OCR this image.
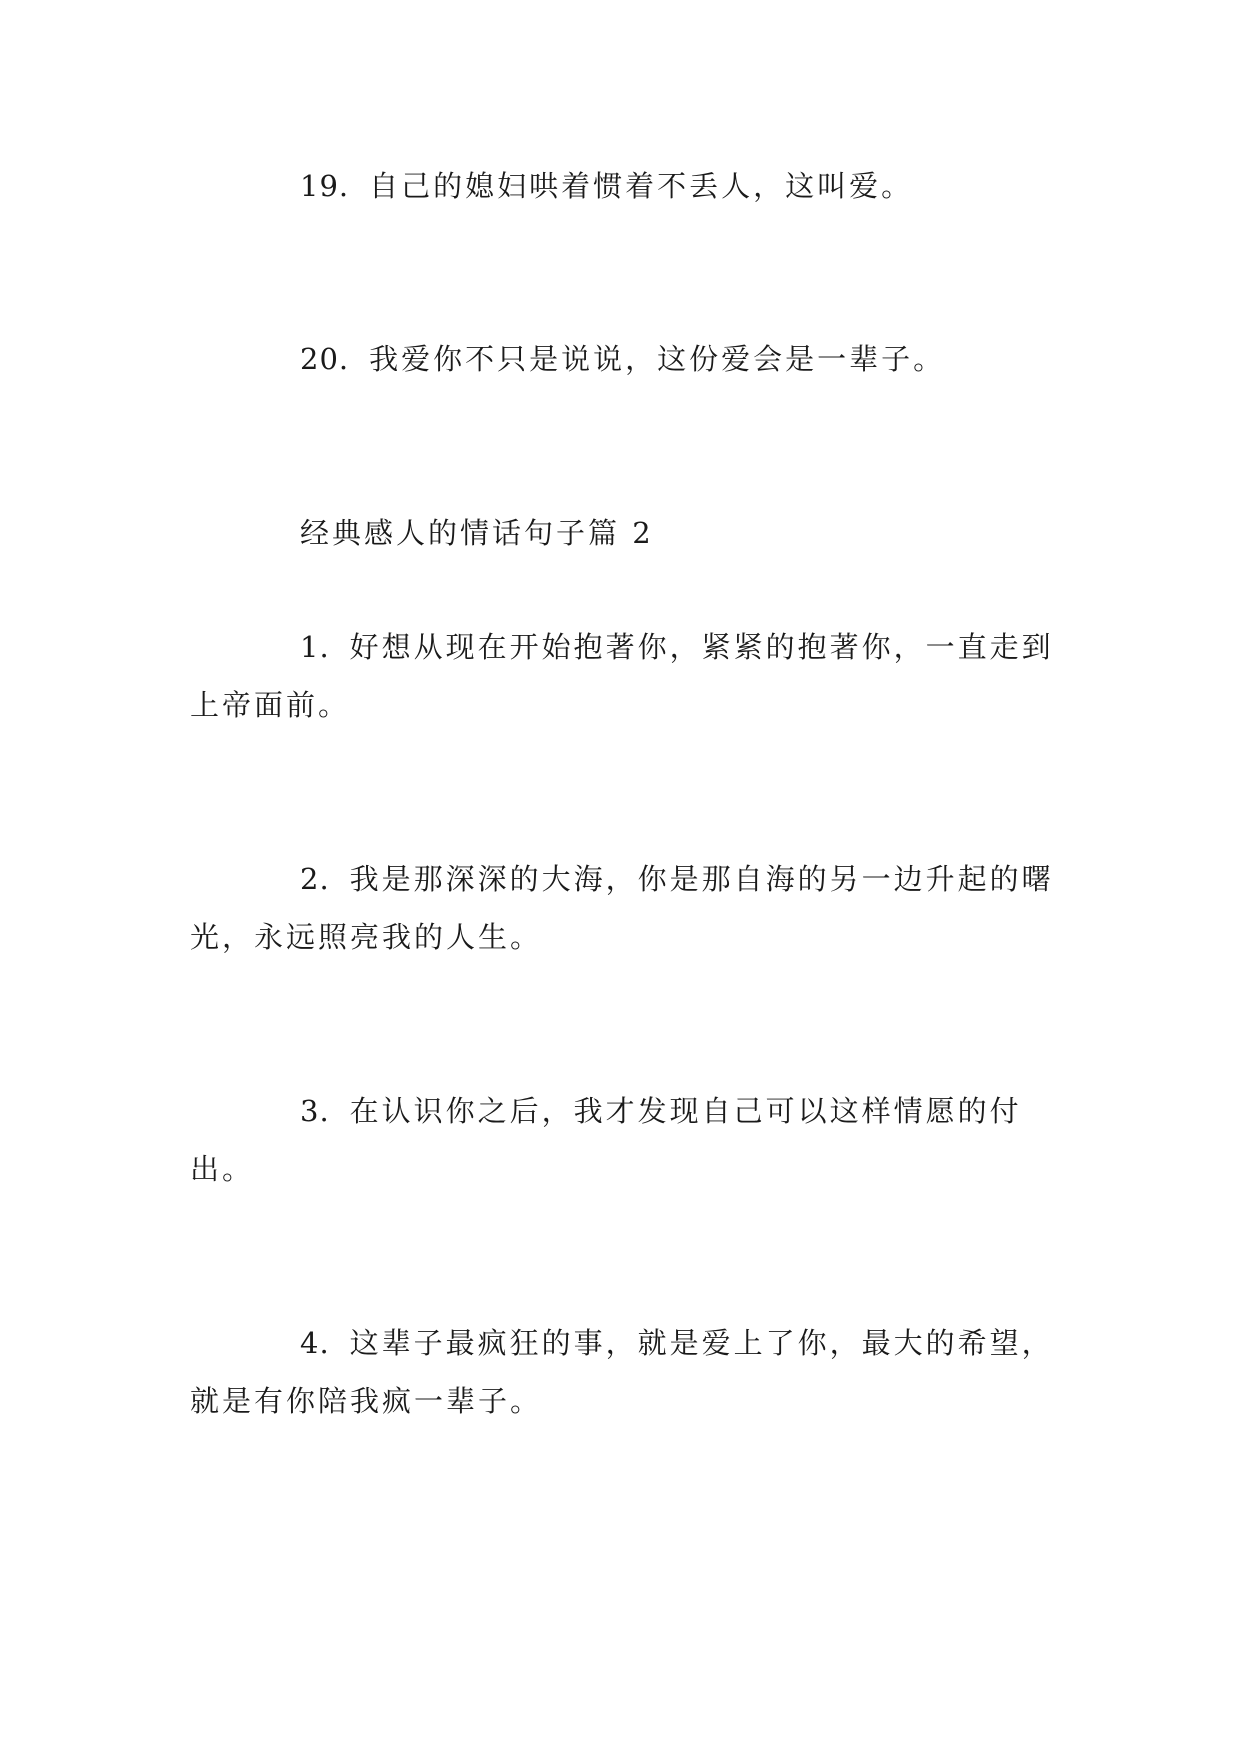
19. 自己的媳妇哄着惯着不丢人，这叫爱。

20. 我爱你不只是说说，这份爱会是一辈子。

经典感人的情话句子篇 2

1. 好想从现在开始抱著你，紧紧的抱著你，一直走到上帝面前。

2. 我是那深深的大海，你是那自海的另一边升起的曙光，永远照亮我的人生。

3. 在认识你之后，我才发现自己可以这样情愿的付出。

4. 这辈子最疯狂的事，就是爱上了你，最大的希望，就是有你陪我疯一辈子。
